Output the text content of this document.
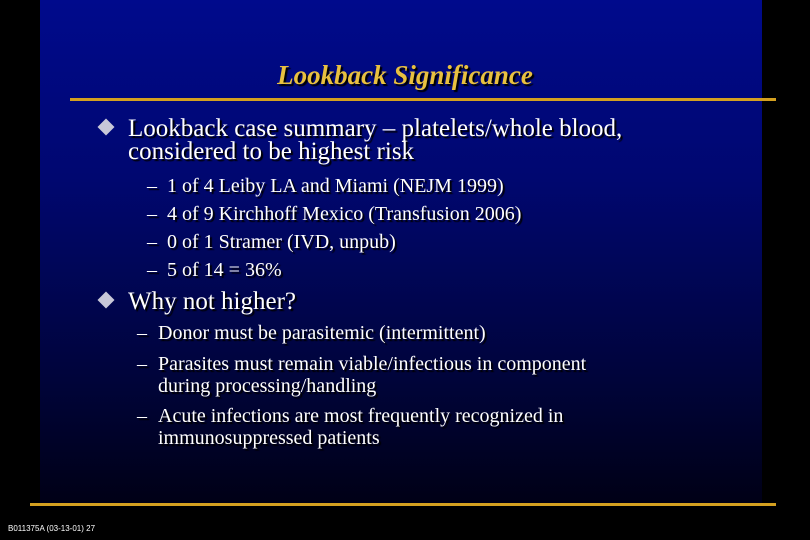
Lookback Significance
Lookback case summary – platelets/whole blood,
considered to be highest risk
– 1 of 4 Leiby LA and Miami (NEJM 1999)
– 4 of 9 Kirchhoff Mexico (Transfusion 2006)
– 0 of 1 Stramer (IVD, unpub)
– 5 of 14 = 36%
Why not higher?
– Donor must be parasitemic (intermittent)
– Parasites must remain viable/infectious in component
during processing/handling
– Acute infections are most frequently recognized in
immunosuppressed patients
B011375A (03-13-01) 27
